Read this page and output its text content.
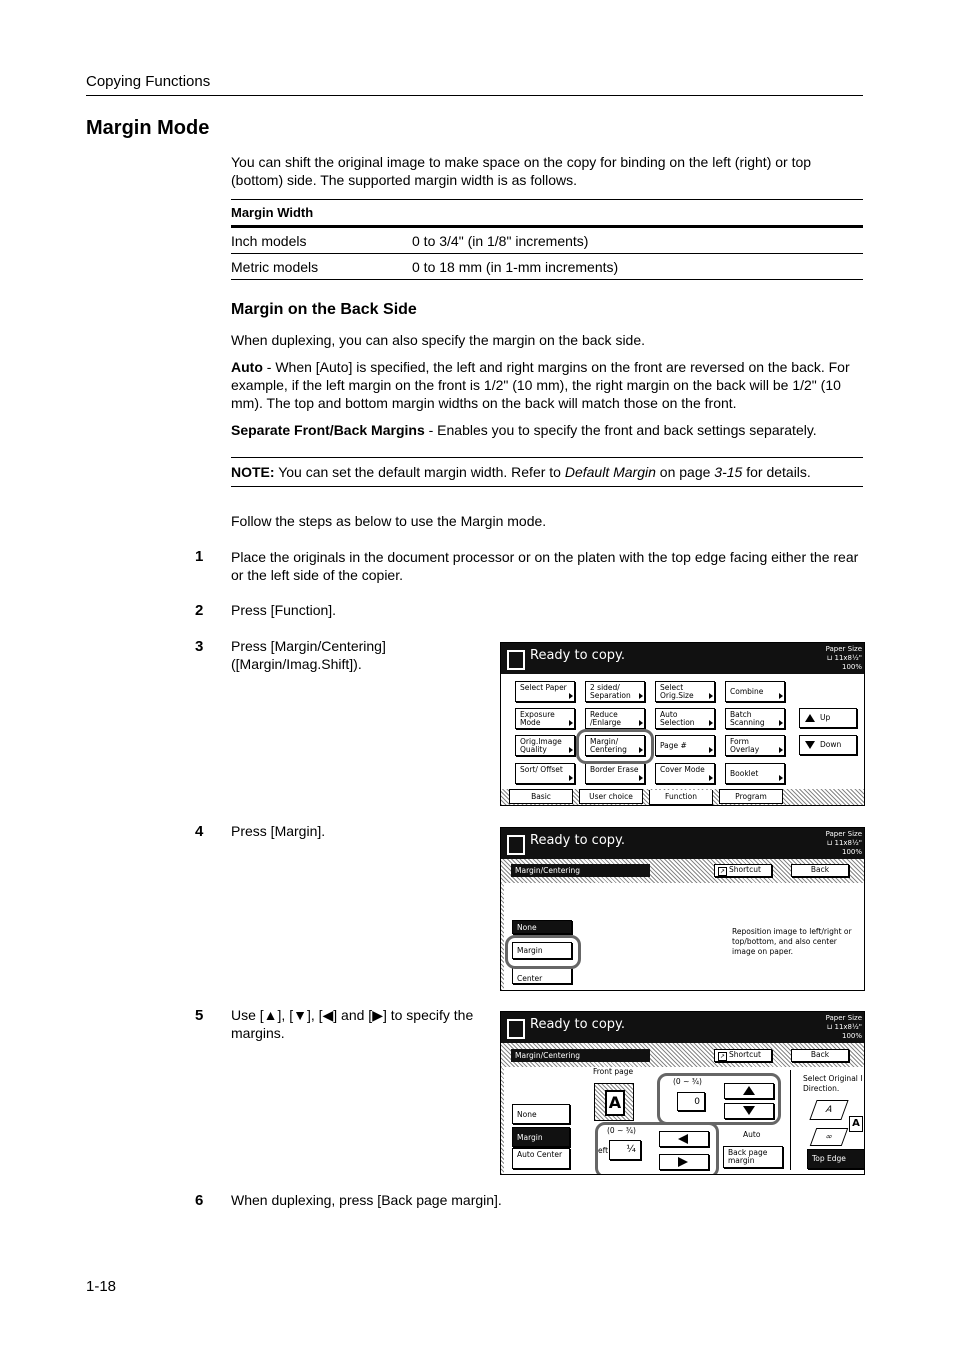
Copying Functions
Margin Mode
You can shift the original image to make space on the copy for binding on the left (right) or top (bottom) side. The supported margin width is as follows.
Margin Width	
Inch models	0 to 3/4" (in 1/8" increments)
Metric models	0 to 18 mm (in 1-mm increments)
Margin on the Back Side
When duplexing, you can also specify the margin on the back side.
Auto - When [Auto] is specified, the left and right margins on the front are reversed on the back. For example, if the left margin on the front is 1/2" (10 mm), the right margin on the back will be 1/2" (10 mm). The top and bottom margin widths on the back will match those on the front.
Separate Front/Back Margins - Enables you to specify the front and back settings separately.
NOTE: You can set the default margin width. Refer to Default Margin on page 3-15 for details.
Follow the steps as below to use the Margin mode.
1 Place the originals in the document processor or on the platen with the top edge facing either the rear or the left side of the copier.
2 Press [Function].
3 Press [Margin/Centering] ([Margin/Imag.Shift]).
4 Press [Margin].
5 Use [▲], [▼], [◀] and [▶] to specify the margins.
6 When duplexing, press [Back page margin].
Ready to copy.	Paper Size
⊔ 11x8½"
100%
Select Paper	2 sided/ Separation
Select Orig.Size	Combine
Exposure Mode
Reduce /Enlarge
Auto Selection
Batch Scanning
Orig.Image Quality
Margin/ Centering	Page #	Form Overlay
Sort/ Offset	Border Erase	Cover Mode	Booklet
Up
Down
Basic	User choice	Function	Program
Ready to copy.	Paper Size
⊔ 11x8½"
100%
Margin/Centering	↗ Shortcut	Back
None
Margin
Center
Reposition image to left/right or top/bottom, and also center image on paper.
Ready to copy.	Paper Size
⊔ 11x8½"
100%
Margin/Centering	↗ Shortcut	Back
Front page
A
(0 ~ ¾)
0
(0 ~ ¾)
eft	¼
Auto
Back page margin
None
Margin
Auto Center
Select Original I Direction.
A
A
∞
Top Edge
1-18
